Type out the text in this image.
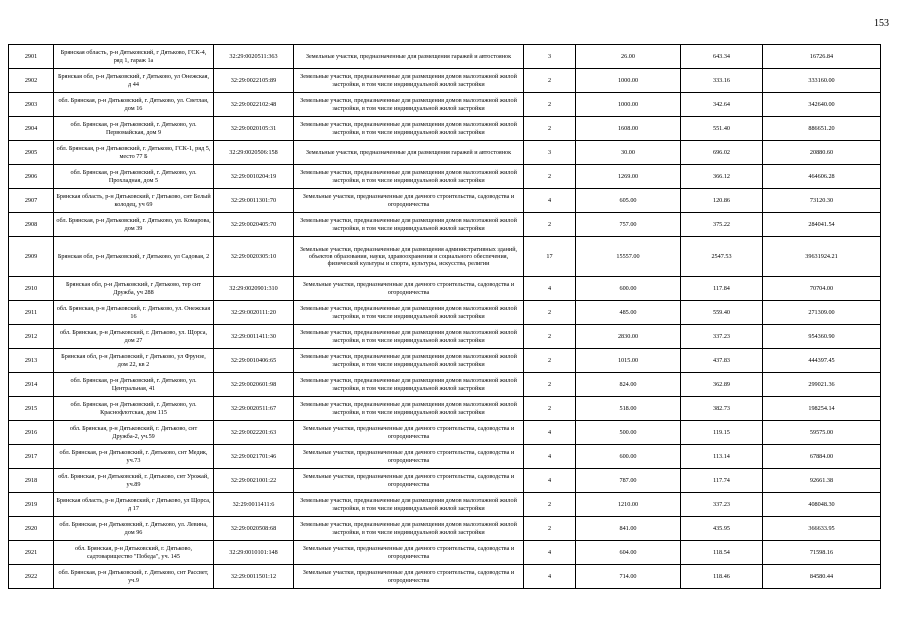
153
2901	Брянская область, р-н Дятьковский, г Дятьково, ГСК-4, ряд 1, гараж 1а	32:29:0020511:363	Земельные участки, предназначенные для размещения гаражей и автостоянок	3	26.00	643.34	16726.84
2902	Брянская обл, р-н Дятьковский, г Дятьково, ул Онежская, д 44	32:29:0022105:89	Земельные участки, предназначенные для размещения домов малоэтажной жилой застройки, в том числе индивидуальной жилой застройки	2	1000.00	333.16	333160.00
2903	обл. Брянская, р-н Дятьковский, г. Дятьково, ул. Светлая, дом 16	32:29:0022102:48	Земельные участки, предназначенные для размещения домов малоэтажной жилой застройки, в том числе индивидуальной жилой застройки	2	1000.00	342.64	342640.00
2904	обл. Брянская, р-н Дятьковский, г. Дятьково, ул. Первомайская, дом 9	32:29:0020105:31	Земельные участки, предназначенные для размещения домов малоэтажной жилой застройки, в том числе индивидуальной жилой застройки	2	1608.00	551.40	886651.20
2905	обл. Брянская, р-н Дятьковский, г. Дятьково, ГСК-1, ряд 5, место 77 Б	32:29:0020506:158	Земельные участки, предназначенные для размещения гаражей и автостоянок	3	30.00	696.02	20880.60
2906	обл. Брянская, р-н Дятьковский, г. Дятьково, ул. Прохладная, дом 5	32:29:0010204:19	Земельные участки, предназначенные для размещения домов малоэтажной жилой застройки, в том числе индивидуальной жилой застройки	2	1269.00	366.12	464606.28
2907	Брянская область, р-н Дятьковский, г Дятьково, снт Белый колодец, уч 69	32:29:0011301:70	Земельные участки, предназначенные для дачного строительства, садоводства и огородничества	4	605.00	120.86	73120.30
2908	обл. Брянская, р-н Дятьковский, г. Дятьково, ул. Комарова, дом 39	32:29:0020405:70	Земельные участки, предназначенные для размещения домов малоэтажной жилой застройки, в том числе индивидуальной жилой застройки	2	757.00	375.22	284041.54
2909	Брянская обл, р-н Дятьковский, г Дятьково, ул Садовая, 2	32:29:0020305:10	Земельные участки, предназначенные для размещения административных зданий, объектов образования, науки, здравоохранения и социального обеспечения, физической культуры и спорта, культуры, искусства, религии	17	15557.00	2547.53	39631924.21
2910	Брянская обл, р-н Дятьковский, г Дятьково, тер снт Дружба, уч 288	32:29:0020901:310	Земельные участки, предназначенные для дачного строительства, садоводства и огородничества	4	600.00	117.84	70704.00
2911	обл. Брянская, р-н Дятьковский, г. Дятьково, ул. Онежская 16	32:29:0020111:20	Земельные участки, предназначенные для размещения домов малоэтажной жилой застройки, в том числе индивидуальной жилой застройки	2	485.00	559.40	271309.00
2912	обл. Брянская, р-н Дятьковский, г. Дятьково, ул. Щорса, дом 27	32:29:0011411:30	Земельные участки, предназначенные для размещения домов малоэтажной жилой застройки, в том числе индивидуальной жилой застройки	2	2830.00	337.23	954360.90
2913	Брянская обл, р-н Дятьковский, г Дятьково, ул Фрунзе, дом 22, кв 2	32:29:0010406:65	Земельные участки, предназначенные для размещения домов малоэтажной жилой застройки, в том числе индивидуальной жилой застройки	2	1015.00	437.83	444397.45
2914	обл. Брянская, р-н Дятьковский, г. Дятьково, ул. Центральная, 41	32:29:0020601:98	Земельные участки, предназначенные для размещения домов малоэтажной жилой застройки, в том числе индивидуальной жилой застройки	2	824.00	362.89	299021.36
2915	обл. Брянская, р-н Дятьковский, г. Дятьково, ул. Краснофлотская, дом 115	32:29:0020511:67	Земельные участки, предназначенные для размещения домов малоэтажной жилой застройки, в том числе индивидуальной жилой застройки	2	518.00	382.73	198254.14
2916	обл. Брянская, р-н Дятьковский, г. Дятьково, снт Дружба-2, уч.59	32:29:0022201:63	Земельные участки, предназначенные для дачного строительства, садоводства и огородничества	4	500.00	119.15	59575.00
2917	обл. Брянская, р-н Дятьковский, г. Дятьково, снт Медик, уч.73	32:29:0021701:46	Земельные участки, предназначенные для дачного строительства, садоводства и огородничества	4	600.00	113.14	67884.00
2918	обл. Брянская, р-н Дятьковский, г. Дятьково, снт Урожай, уч.89	32:29:0021001:22	Земельные участки, предназначенные для дачного строительства, садоводства и огородничества	4	787.00	117.74	92661.38
2919	Брянская область, р-н Дятьковский, г Дятьково, ул Щорса, д 17	32:29:0011411:6	Земельные участки, предназначенные для размещения домов малоэтажной жилой застройки, в том числе индивидуальной жилой застройки	2	1210.00	337.23	408048.30
2920	обл. Брянская, р-н Дятьковский, г. Дятьково, ул. Левина, дом 96	32:29:0020508:68	Земельные участки, предназначенные для размещения домов малоэтажной жилой застройки, в том числе индивидуальной жилой застройки	2	841.00	435.95	366633.95
2921	обл. Брянская, р-н Дятьковский, г. Дятьково, садтоварищество "Победа", уч. 145	32:29:0010101:148	Земельные участки, предназначенные для дачного строительства, садоводства и огородничества	4	604.00	118.54	71598.16
2922	обл. Брянская, р-н Дятьковский, г. Дятьково, снт Рассвет, уч.9	32:29:0011501:12	Земельные участки, предназначенные для дачного строительства, садоводства и огородничества	4	714.00	118.46	84580.44
